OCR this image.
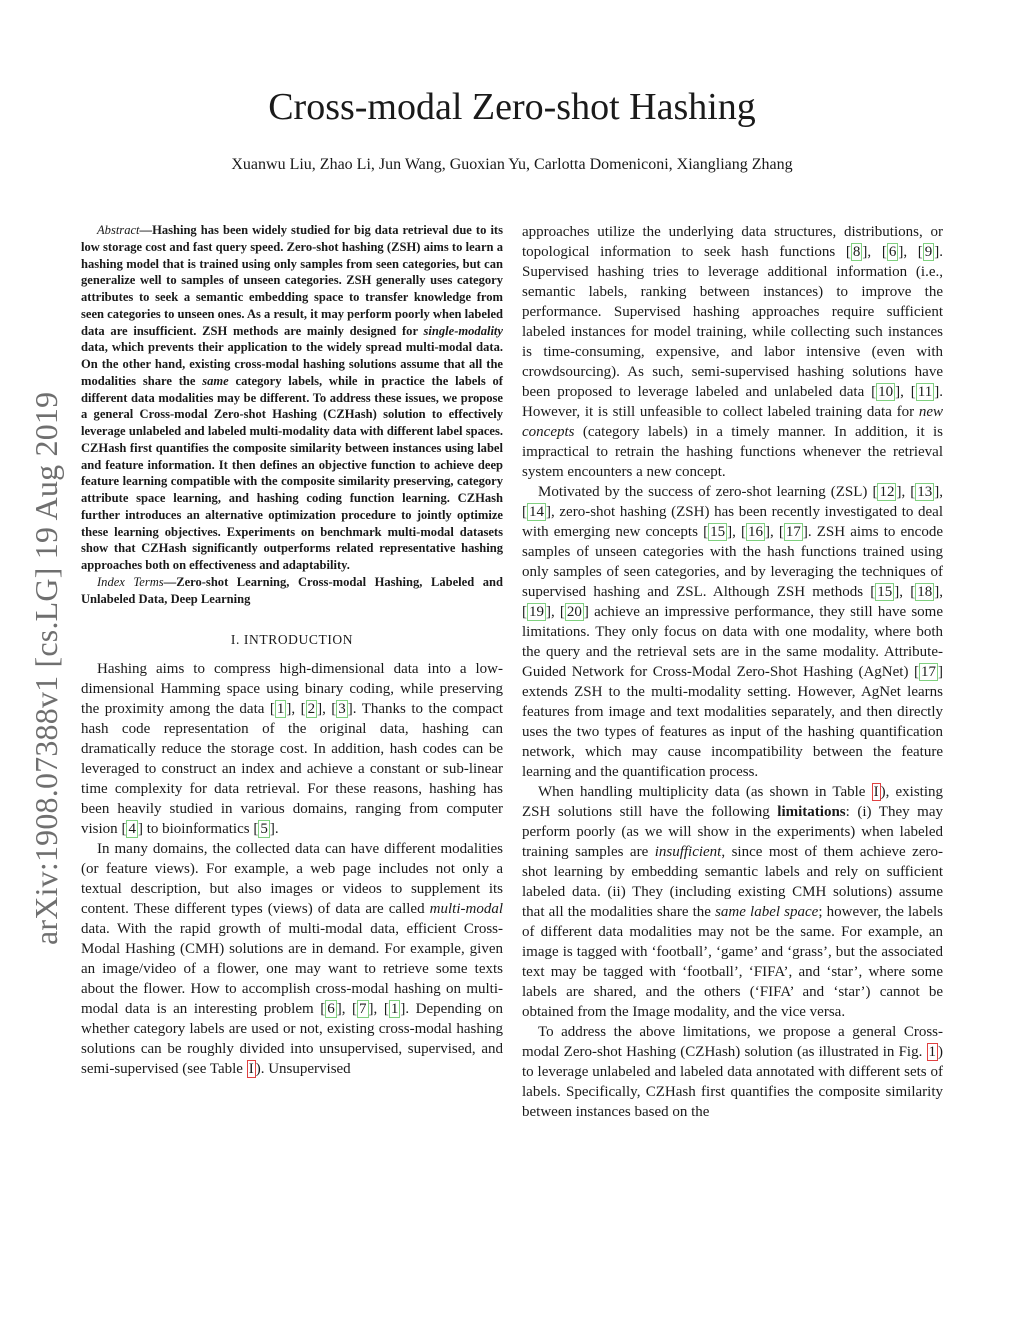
Cross-modal Zero-shot Hashing
Xuanwu Liu, Zhao Li, Jun Wang, Guoxian Yu, Carlotta Domeniconi, Xiangliang Zhang
arXiv:1908.07388v1 [cs.LG] 19 Aug 2019

Abstract—Hashing has been widely studied for big data retrieval due to its low storage cost and fast query speed. Zero-shot hashing (ZSH) aims to learn a hashing model that is trained using only samples from seen categories, but can generalize well to samples of unseen categories. ZSH generally uses category attributes to seek a semantic embedding space to transfer knowledge from seen categories to unseen ones. As a result, it may perform poorly when labeled data are insufficient. ZSH methods are mainly designed for single-modality data, which prevents their application to the widely spread multi-modal data. On the other hand, existing cross-modal hashing solutions assume that all the modalities share the same category labels, while in practice the labels of different data modalities may be different. To address these issues, we propose a general Cross-modal Zero-shot Hashing (CZHash) solution to effectively leverage unlabeled and labeled multi-modality data with different label spaces. CZHash first quantifies the composite similarity between instances using label and feature information. It then defines an objective function to achieve deep feature learning compatible with the composite similarity preserving, category attribute space learning, and hashing coding function learning. CZHash further introduces an alternative optimization procedure to jointly optimize these learning objectives. Experiments on benchmark multi-modal datasets show that CZHash significantly outperforms related representative hashing approaches both on effectiveness and adaptability.

Index Terms—Zero-shot Learning, Cross-modal Hashing, Labeled and Unlabeled Data, Deep Learning

I. INTRODUCTION

Hashing aims to compress high-dimensional data into a low-dimensional Hamming space using binary coding, while preserving the proximity among the data [ 1 ], [ 2 ], [ 3 ]. Thanks to the compact hash code representation of the original data, hashing can dramatically reduce the storage cost. In addition, hash codes can be leveraged to construct an index and achieve a constant or sub-linear time complexity for data retrieval. For these reasons, hashing has been heavily studied in various domains, ranging from computer vision [ 4 ] to bioinformatics [ 5 ].

In many domains, the collected data can have different modalities (or feature views). For example, a web page includes not only a textual description, but also images or videos to supplement its content. These different types (views) of data are called multi-modal data. With the rapid growth of multi-modal data, efficient Cross-Modal Hashing (CMH) solutions are in demand. For example, given an image/video of a flower, one may want to retrieve some texts about the flower. How to accomplish cross-modal hashing on multi-modal data is an interesting problem [ 6 ], [ 7 ], [ 1 ]. Depending on whether category labels are used or not, existing cross-modal hashing solutions can be roughly divided into unsupervised, supervised, and semi-supervised (see Table I ). Unsupervised

approaches utilize the underlying data structures, distributions, or topological information to seek hash functions [ 8 ], [ 6 ], [ 9 ]. Supervised hashing tries to leverage additional information (i.e., semantic labels, ranking between instances) to improve the performance. Supervised hashing approaches require sufficient labeled instances for model training, while collecting such instances is time-consuming, expensive, and labor intensive (even with crowdsourcing). As such, semi-supervised hashing solutions have been proposed to leverage labeled and unlabeled data [ 10 ], [ 11 ]. However, it is still unfeasible to collect labeled training data for new concepts (category labels) in a timely manner. In addition, it is impractical to retrain the hashing functions whenever the retrieval system encounters a new concept.

Motivated by the success of zero-shot learning (ZSL) [ 12 ], [ 13 ], [ 14 ], zero-shot hashing (ZSH) has been recently investigated to deal with emerging new concepts [ 15 ], [ 16 ], [ 17 ]. ZSH aims to encode samples of unseen categories with the hash functions trained using only samples of seen categories, and by leveraging the techniques of supervised hashing and ZSL. Although ZSH methods [ 15 ], [ 18 ], [ 19 ], [ 20 ] achieve an impressive performance, they still have some limitations. They only focus on data with one modality, where both the query and the retrieval sets are in the same modality. Attribute-Guided Network for Cross-Modal Zero-Shot Hashing (AgNet) [ 17 ] extends ZSH to the multi-modality setting. However, AgNet learns features from image and text modalities separately, and then directly uses the two types of features as input of the hashing quantification network, which may cause incompatibility between the feature learning and the quantification process.

When handling multiplicity data (as shown in Table I ), existing ZSH solutions still have the following limitations: (i) They may perform poorly (as we will show in the experiments) when labeled training samples are insufficient, since most of them achieve zero-shot learning by embedding semantic labels and rely on sufficient labeled data. (ii) They (including existing CMH solutions) assume that all the modalities share the same label space; however, the labels of different data modalities may not be the same. For example, an image is tagged with ‘football’, ‘game’ and ‘grass’, but the associated text may be tagged with ‘football’, ‘FIFA’, and ‘star’, where some labels are shared, and the others (‘FIFA’ and ‘star’) cannot be obtained from the Image modality, and the vice versa.

To address the above limitations, we propose a general Cross-modal Zero-shot Hashing (CZHash) solution (as illustrated in Fig. 1 ) to leverage unlabeled and labeled data annotated with different sets of labels. Specifically, CZHash first quantifies the composite similarity between instances based on the
